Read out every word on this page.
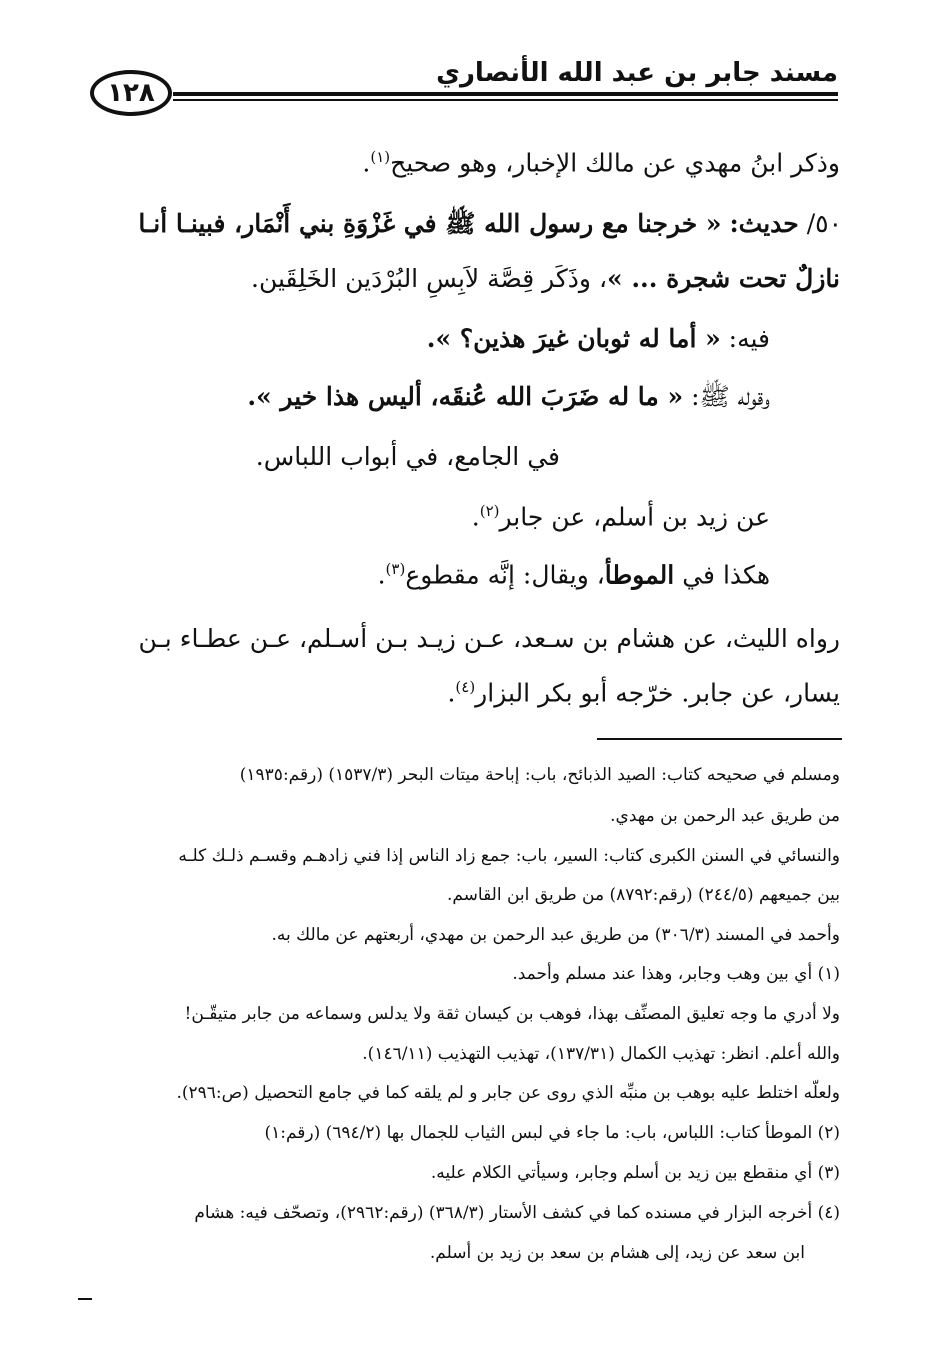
مسند جابر بن عبد الله الأنصاري
١٢٨
وذكر ابنُ مهدي عن مالك الإخبار، وهو صحيح$^{(١)}$.
٥٠/ حديث: « خرجنا مع رسول الله ﷺ في غَزْوَةِ بني أَنْمَار، فبينـا أنـا
نازلٌ تحت شجرة ... »، وذَكَر قِصَّة لاَبِسِ البُرْدَين الخَلِقَين.
فيه: « أما له ثوبان غيرَ هذين؟ ».
وقوله ﷺ: « ما له ضَرَبَ الله عُنقَه، أليس هذا خير ».
في الجامع، في أبواب اللباس.
عن زيد بن أسلم، عن جابر$^{(٢)}$.
هكذا في الموطأ، ويقال: إنَّه مقطوع$^{(٣)}$.
رواه الليث، عن هشام بن سـعد، عـن زيـد بـن أسـلم، عـن عطـاء بـن
يسار، عن جابر. خرّجه أبو بكر البزار$^{(٤)}$.
ومسلم في صحيحه كتاب: الصيد الذبائح، باب: إباحة ميتات البحر (١٥٣٧/٣) (رقم:١٩٣٥)
من طريق عبد الرحمن بن مهدي.
والنسائي في السنن الكبرى كتاب: السير، باب: جمع زاد الناس إذا فني زادهـم وقسـم ذلـك كلـه
بين جميعهم (٢٤٤/٥) (رقم:٨٧٩٢) من طريق ابن القاسم.
وأحمد في المسند (٣٠٦/٣) من طريق عبد الرحمن بن مهدي، أربعتهم عن مالك به.
(١) أي بين وهب وجابر، وهذا عند مسلم وأحمد.
ولا أدري ما وجه تعليق المصنِّف بهذا، فوهب بن كيسان ثقة ولا يدلس وسماعه من جابر متيقّـن!
والله أعلم. انظر: تهذيب الكمال (١٣٧/٣١)، تهذيب التهذيب (١٤٦/١١).
ولعلّه اختلط عليه بوهب بن منبِّه الذي روى عن جابر و لم يلقه كما في جامع التحصيل (ص:٢٩٦).
(٢) الموطأ كتاب: اللباس، باب: ما جاء في لبس الثياب للجمال بها (٦٩٤/٢) (رقم:١)
(٣) أي منقطع بين زيد بن أسلم وجابر، وسيأتي الكلام عليه.
(٤) أخرجه البزار في مسنده كما في كشف الأستار (٣٦٨/٣) (رقم:٢٩٦٢)، وتصحّف فيه: هشام
ابن سعد عن زيد، إلى هشام بن سعد بن زيد بن أسلم.
